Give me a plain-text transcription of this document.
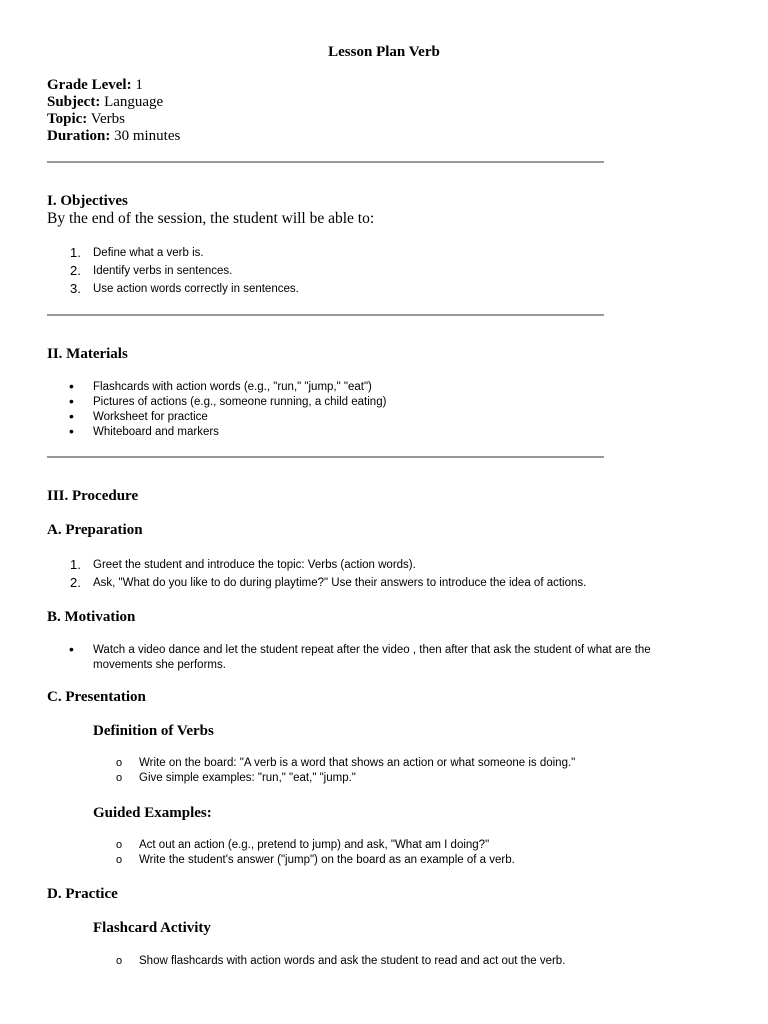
Lesson Plan Verb
Grade Level: 1
Subject: Language
Topic: Verbs
Duration: 30 minutes
I. Objectives
By the end of the session, the student will be able to:
1. Define what a verb is.
2. Identify verbs in sentences.
3. Use action words correctly in sentences.
II. Materials
• Flashcards with action words (e.g., "run," "jump," "eat")
• Pictures of actions (e.g., someone running, a child eating)
• Worksheet for practice
• Whiteboard and markers
III. Procedure
A. Preparation
1. Greet the student and introduce the topic: Verbs (action words).
2. Ask, "What do you like to do during playtime?" Use their answers to introduce the idea of actions.
B. Motivation
• Watch a video dance and let the student repeat after the video , then after that ask the student of what are the movements she performs.
C. Presentation
Definition of Verbs
o Write on the board: "A verb is a word that shows an action or what someone is doing."
o Give simple examples: "run," "eat," "jump."
Guided Examples:
o Act out an action (e.g., pretend to jump) and ask, "What am I doing?"
o Write the student's answer ("jump") on the board as an example of a verb.
D. Practice
Flashcard Activity
o Show flashcards with action words and ask the student to read and act out the verb.
